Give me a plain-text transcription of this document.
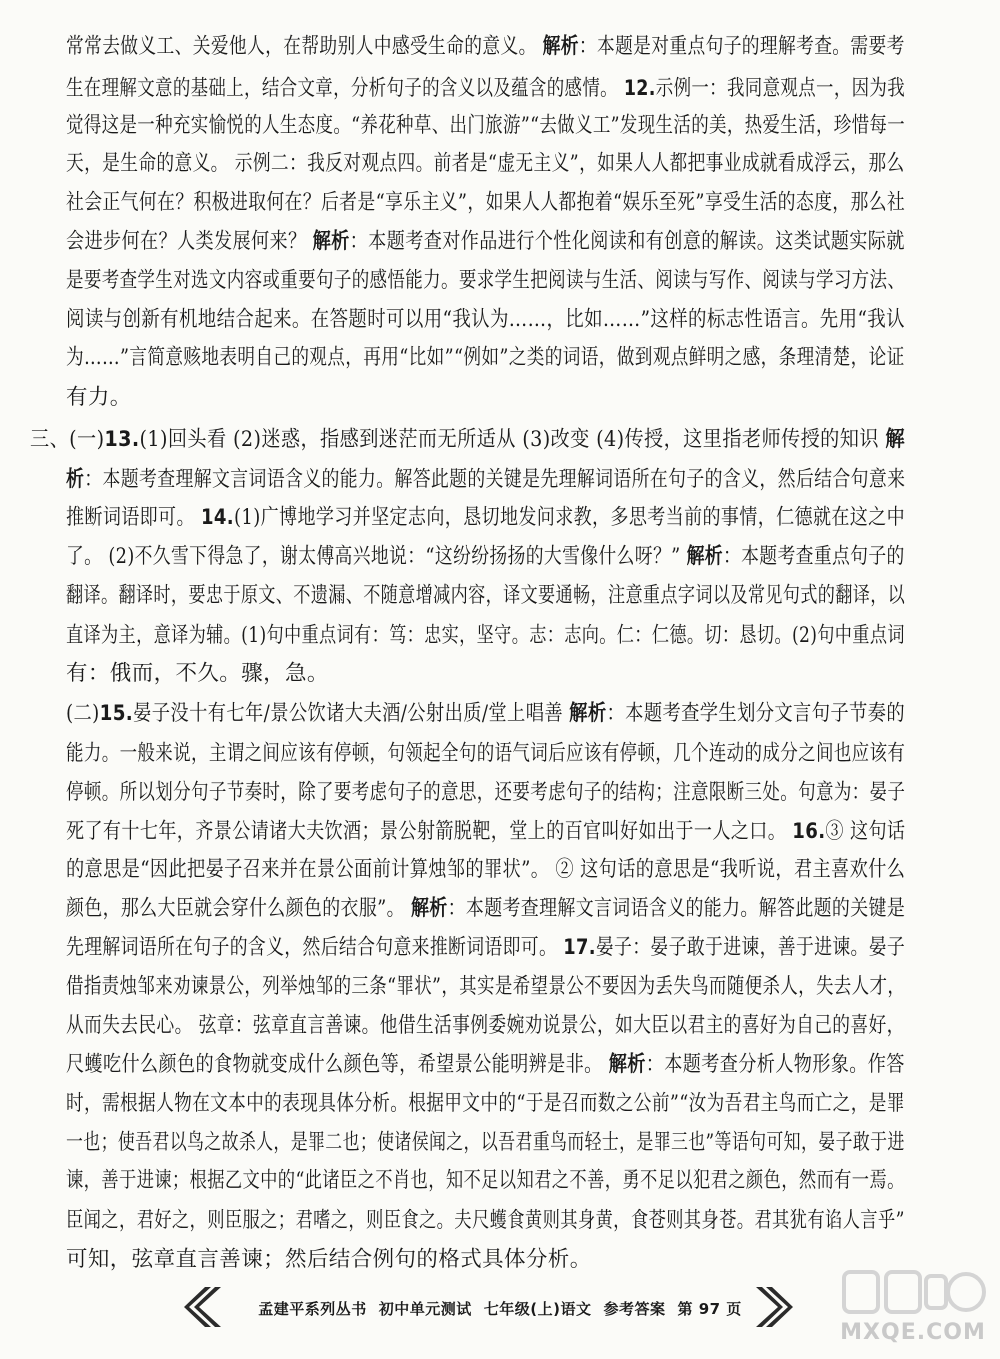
常常去做义工、关爱他人，在帮助别人中感受生命的意义。 解析：本题是对重点句子的理解考查。需要考
生在理解文意的基础上，结合文章，分析句子的含义以及蕴含的感情。 12.示例一：我同意观点一，因为我
觉得这是一种充实愉悦的人生态度。“养花种草、出门旅游”“去做义工”发现生活的美，热爱生活，珍惜每一
天，是生命的意义。 示例二：我反对观点四。前者是“虚无主义”，如果人人都把事业成就看成浮云，那么
社会正气何在？积极进取何在？后者是“享乐主义”，如果人人都抱着“娱乐至死”享受生活的态度，那么社
会进步何在？人类发展何来？ 解析：本题考查对作品进行个性化阅读和有创意的解读。这类试题实际就
是要考查学生对选文内容或重要句子的感悟能力。要求学生把阅读与生活、阅读与写作、阅读与学习方法、
阅读与创新有机地结合起来。在答题时可以用“我认为……，比如……”这样的标志性语言。先用“我认
为……”言简意赅地表明自己的观点，再用“比如”“例如”之类的词语，做到观点鲜明之感，条理清楚，论证
有力。
三、(一)13.(1)回头看 (2)迷惑，指感到迷茫而无所适从 (3)改变 (4)传授，这里指老师传授的知识 解
析：本题考查理解文言词语含义的能力。解答此题的关键是先理解词语所在句子的含义，然后结合句意来
推断词语即可。 14.(1)广博地学习并坚定志向，恳切地发问求教，多思考当前的事情，仁德就在这之中
了。 (2)不久雪下得急了，谢太傅高兴地说：“这纷纷扬扬的大雪像什么呀？” 解析：本题考查重点句子的
翻译。翻译时，要忠于原文、不遗漏、不随意增减内容，译文要通畅，注意重点字词以及常见句式的翻译，以
直译为主，意译为辅。(1)句中重点词有：笃：忠实，坚守。志：志向。仁：仁德。切：恳切。(2)句中重点词
有：俄而，不久。骤，急。
(二)15.晏子没十有七年/景公饮诸大夫酒/公射出质/堂上唱善 解析：本题考查学生划分文言句子节奏的
能力。一般来说，主谓之间应该有停顿，句领起全句的语气词后应该有停顿，几个连动的成分之间也应该有
停顿。所以划分句子节奏时，除了要考虑句子的意思，还要考虑句子的结构；注意限断三处。句意为：晏子
死了有十七年，齐景公请诸大夫饮酒；景公射箭脱靶，堂上的百官叫好如出于一人之口。 16.③ 这句话
的意思是“因此把晏子召来并在景公面前计算烛邹的罪状”。 ② 这句话的意思是“我听说，君主喜欢什么
颜色，那么大臣就会穿什么颜色的衣服”。 解析：本题考查理解文言词语含义的能力。解答此题的关键是
先理解词语所在句子的含义，然后结合句意来推断词语即可。 17.晏子：晏子敢于进谏，善于进谏。晏子
借指责烛邹来劝谏景公，列举烛邹的三条“罪状”，其实是希望景公不要因为丢失鸟而随便杀人，失去人才，
从而失去民心。 弦章：弦章直言善谏。他借生活事例委婉劝说景公，如大臣以君主的喜好为自己的喜好，
尺蠖吃什么颜色的食物就变成什么颜色等，希望景公能明辨是非。 解析：本题考查分析人物形象。作答
时，需根据人物在文本中的表现具体分析。根据甲文中的“于是召而数之公前”“汝为吾君主鸟而亡之，是罪
一也；使吾君以鸟之故杀人，是罪二也；使诸侯闻之，以吾君重鸟而轻士，是罪三也”等语句可知，晏子敢于进
谏，善于进谏；根据乙文中的“此诸臣之不肖也，知不足以知君之不善，勇不足以犯君之颜色，然而有一焉。
臣闻之，君好之，则臣服之；君嗜之，则臣食之。夫尺蠖食黄则其身黄，食苍则其身苍。君其犹有谄人言乎”
可知，弦章直言善谏；然后结合例句的格式具体分析。
孟建平系列丛书 初中单元测试 七年级(上)语文 参考答案 第 97 页
MXQE.COM
